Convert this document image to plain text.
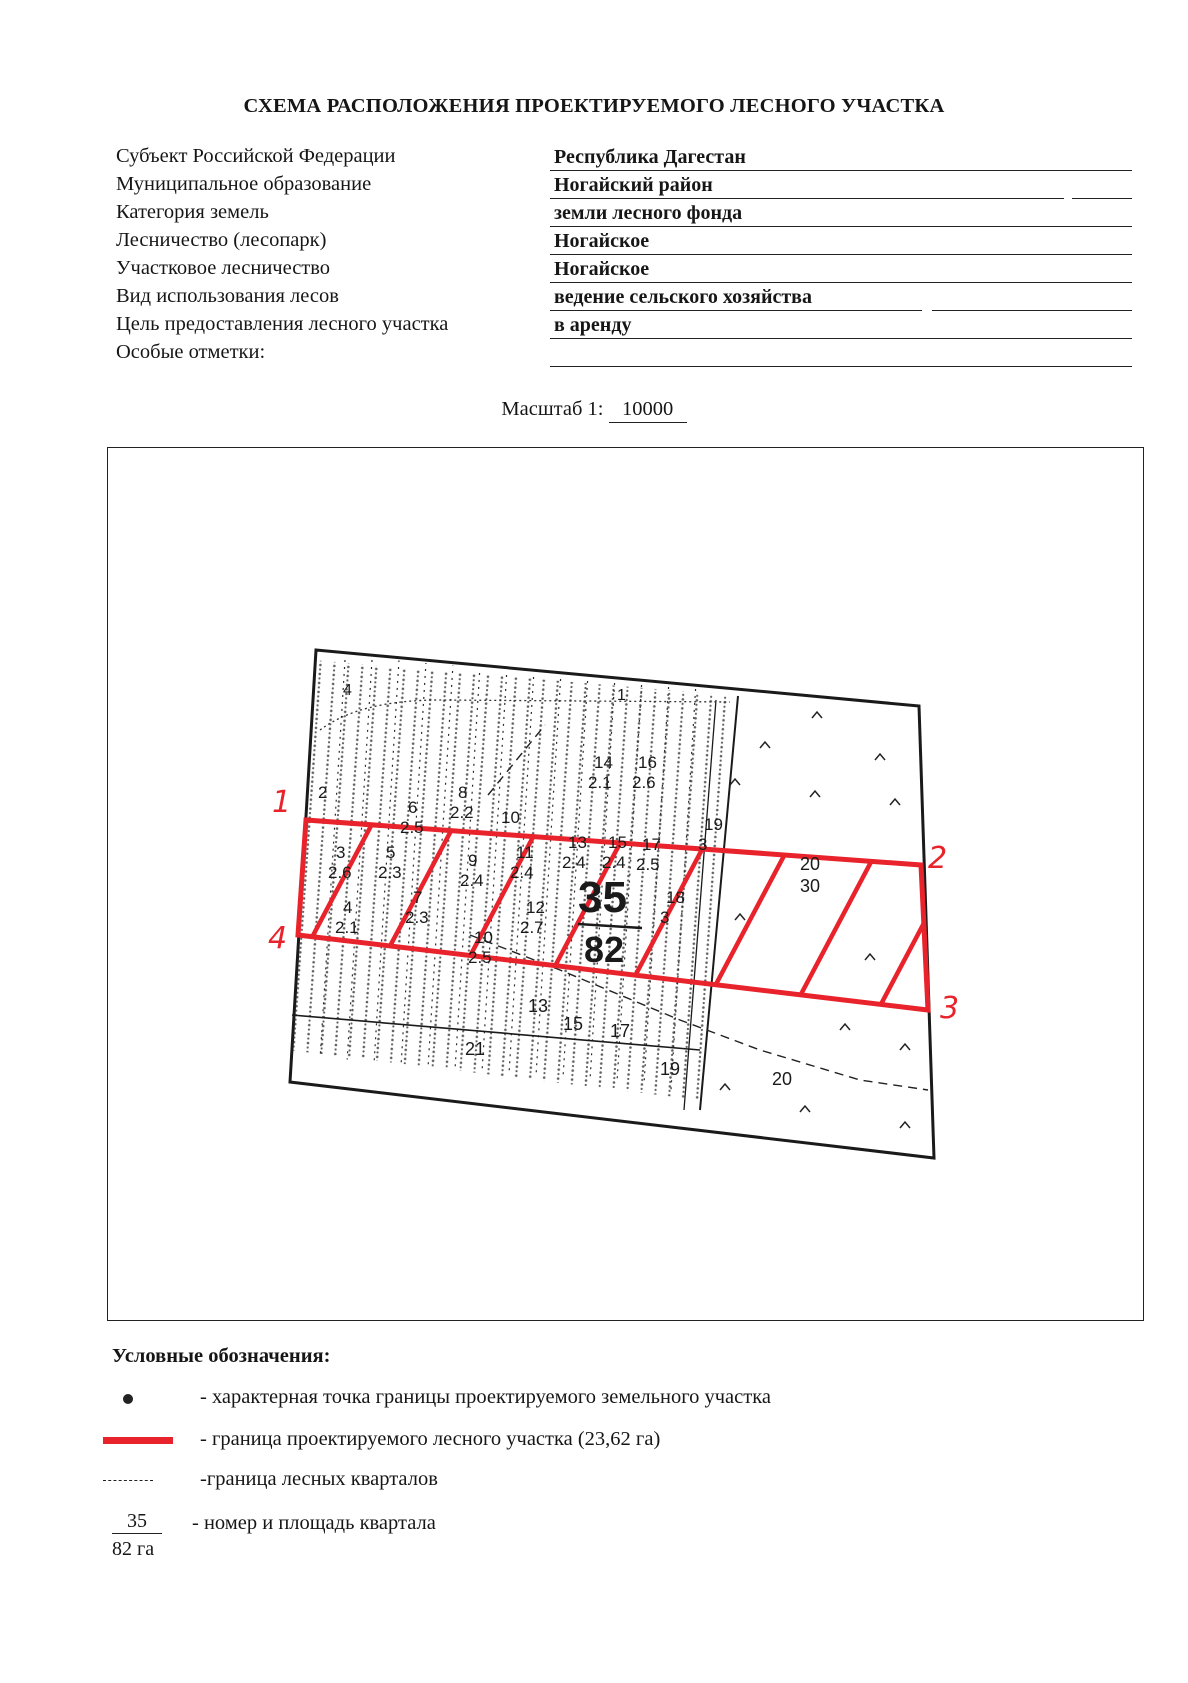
СХЕМА РАСПОЛОЖЕНИЯ ПРОЕКТИРУЕМОГО ЛЕСНОГО УЧАСТКА
Субъект Российской Федерации
Муниципальное образование
Категория земель
Лесничество (лесопарк)
Участковое лесничество
Вид использования лесов
Цель предоставления лесного участка
Особые отметки:
Республика Дагестан
Ногайский район
земли лесного фонда
Ногайское
Ногайское
ведение сельского хозяйства
в аренду
Масштаб 1: 10000
1
2
3
4
4	1
2
3
2.6
4
2.1
5
2.3
6
2.5
7
2.3
8
2.2
9
2.4
10
11
2.4
12
2.7
10
2.5
13
2.4
14
2.1
15
2.4
16
2.6
17
2.5
18
3
19
3
20
30
13
15 17
21
19	20
35
82
Условные обозначения:
- характерная точка границы проектируемого земельного участка
- граница проектируемого лесного участка (23,62 га)
-граница лесных кварталов
35
82 га
- номер и площадь квартала
